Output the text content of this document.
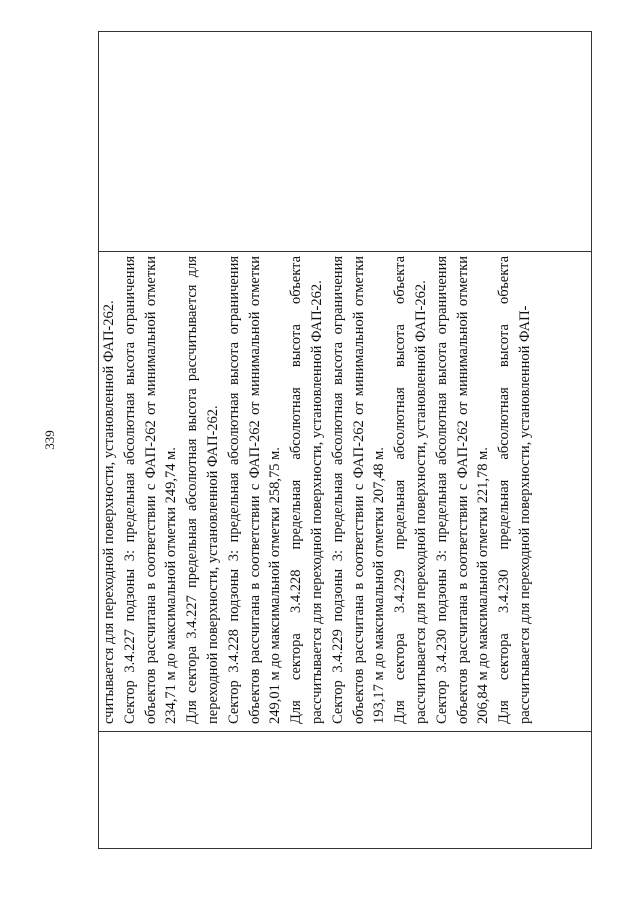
339	считывается для переходной поверхности, установленной ФАП-262. Сектор 3.4.227 подзоны 3: предельная абсолютная высота ограничения объектов рассчитана в соответствии с ФАП-262 от минимальной отметки 234,71 м до максимальной отметки 249,74 м. Для сектора 3.4.227 предельная абсолютная высота рассчитывается для переходной поверхности, установленной ФАП-262. Сектор 3.4.228 подзоны 3: предельная абсолютная высота ограничения объектов рассчитана в соответствии с ФАП-262 от минимальной отметки 249,01 м до максимальной отметки 258,75 м. Для сектора 3.4.228 предельная абсолютная высота объекта рассчитывается для переходной поверхности, установленной ФАП-262. Сектор 3.4.229 подзоны 3: предельная абсолютная высота ограничения объектов рассчитана в соответствии с ФАП-262 от минимальной отметки 193,17 м до максимальной отметки 207,48 м. Для сектора 3.4.229 предельная абсолютная высота объекта рассчитывается для переходной поверхности, установленной ФАП-262. Сектор 3.4.230 подзоны 3: предельная абсолютная высота ограничения объектов рассчитана в соответствии с ФАП-262 от минимальной отметки 206,84 м до максимальной отметки 221,78 м. Для сектора 3.4.230 предельная абсолютная высота объекта рассчитывается для переходной поверхности, установленной ФАП-
